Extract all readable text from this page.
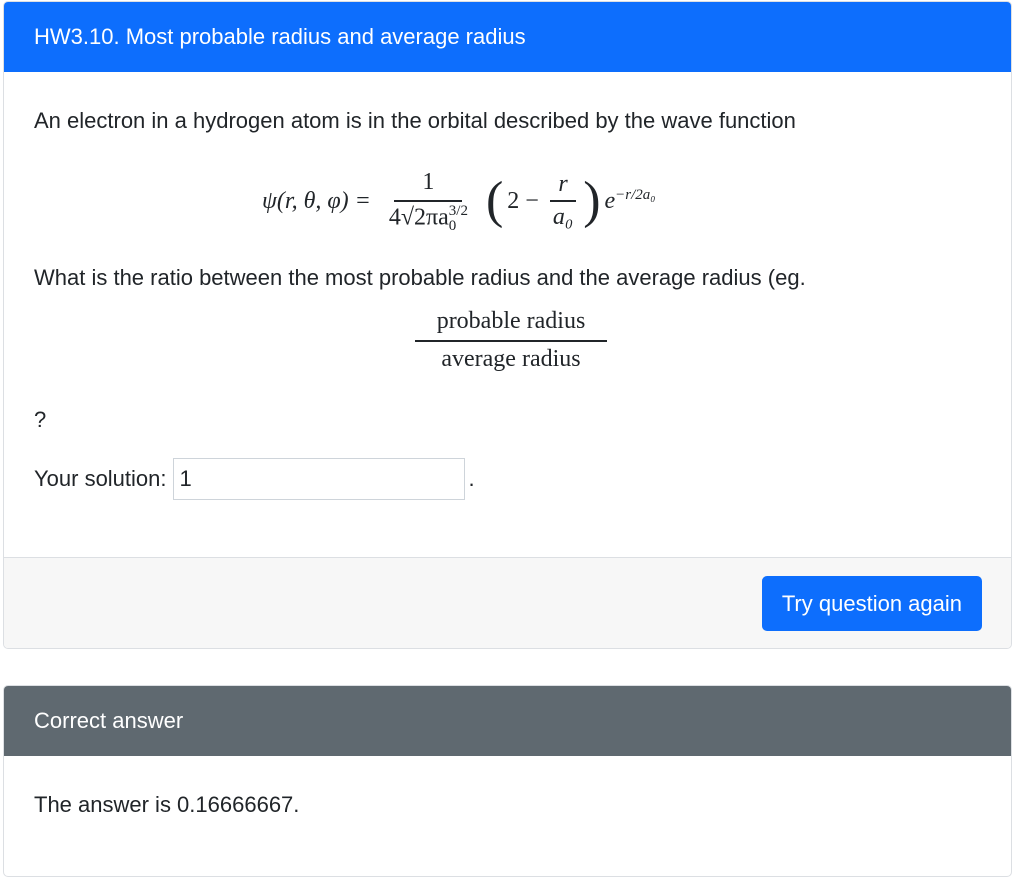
HW3.10. Most probable radius and average radius
An electron in a hydrogen atom is in the orbital described by the wave function
ψ(r, θ, φ) = 1
4√2πa 3/2
0 ( $2 - \frac{r}{\text{a₀}}$ ) $e^{-r/2a_0}$
What is the ratio between the most probable radius and the average radius (eg.
probable radius
average radius
?
Your solution:
1	.
Try question again
Correct answer
The answer is 0.16666667.
